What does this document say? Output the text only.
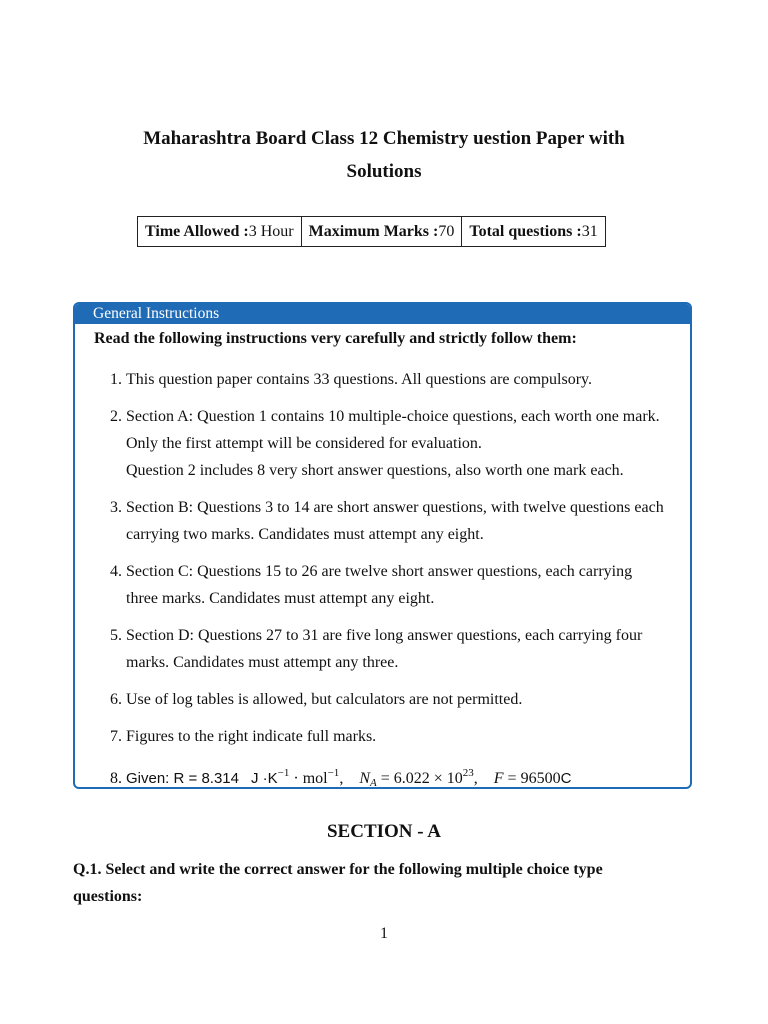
Maharashtra Board Class 12 Chemistry uestion Paper with
Solutions
Time Allowed :3 Hour	Maximum Marks :70	Total questions :31
General Instructions
Read the following instructions very carefully and strictly follow them:
1. This question paper contains 33 questions. All questions are compulsory.
2. Section A: Question 1 contains 10 multiple-choice questions, each worth one mark. Only the first attempt will be considered for evaluation.
Question 2 includes 8 very short answer questions, also worth one mark each.
3. Section B: Questions 3 to 14 are short answer questions, with twelve questions each carrying two marks. Candidates must attempt any eight.
4. Section C: Questions 15 to 26 are twelve short answer questions, each carrying three marks. Candidates must attempt any eight.
5. Section D: Questions 27 to 31 are five long answer questions, each carrying four marks. Candidates must attempt any three.
6. Use of log tables is allowed, but calculators are not permitted.
7. Figures to the right indicate full marks.
8. Given: R = 8.314 $J \cdot K^{-1} \cdot mol^{-1}$, NA = $6.022 \times 10^{23}$, F = 96500C
SECTION - A
Q.1. Select and write the correct answer for the following multiple choice type questions:
1
